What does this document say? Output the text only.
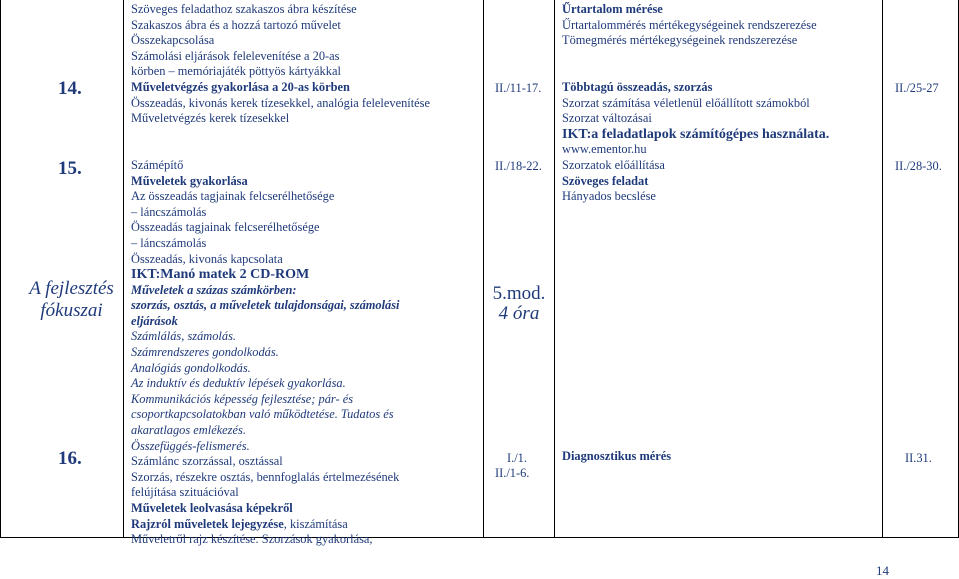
14.
15.
A fejlesztés
fókuszai
16.
Szöveges feladathoz szakaszos ábra készítése
Szakaszos ábra és a hozzá tartozó művelet
Összekapcsolása
Számolási eljárások felelevenítése a 20-as
körben – memóriajáték pöttyös kártyákkal
Műveletvégzés gyakorlása a 20-as körben
Összeadás, kivonás kerek tízesekkel, analógia felelevenítése
Műveletvégzés kerek tízesekkel

Számépítő
Műveletek gyakorlása
Az összeadás tagjainak felcserélhetősége
– láncszámolás
Összeadás tagjainak felcserélhetősége
– láncszámolás
Összeadás, kivonás kapcsolata
IKT:Manó matek 2 CD-ROM
Műveletek a százas számkörben:
szorzás, osztás, a műveletek tulajdonságai, számolási
eljárások
Számlálás, számolás.
Számrendszeres gondolkodás.
Analógiás gondolkodás.
Az induktív és deduktív lépések gyakorlása.
Kommunikációs képesség fejlesztése; pár- és
csoportkapcsolatokban való működtetése. Tudatos és
akaratlagos emlékezés.
Összefüggés-felismerés.
Számlánc szorzással, osztással
Szorzás, részekre osztás, bennfoglalás értelmezésének
felújítása szituációval
Műveletek leolvasása képekről
Rajzról műveletek lejegyzése, kiszámítása
Műveletről rajz készítése. Szorzások gyakorlása,
II./11-17.
II./18-22.
5.mod.
4 óra
I./1.
II./1-6.
Űrtartalom mérése
Űrtartalommérés mértékegységeinek rendszerezése
Tömegmérés mértékegységeinek rendszerezése
Többtagú összeadás, szorzás
Szorzat számítása véletlenül előállított számokból
Szorzat változásai
IKT:a feladatlapok számítógépes használata.
www.ementor.hu
Szorzatok előállítása
Szöveges feladat
Hányados becslése
Diagnosztikus mérés
II./25-27
II./28-30.
II.31.
14
